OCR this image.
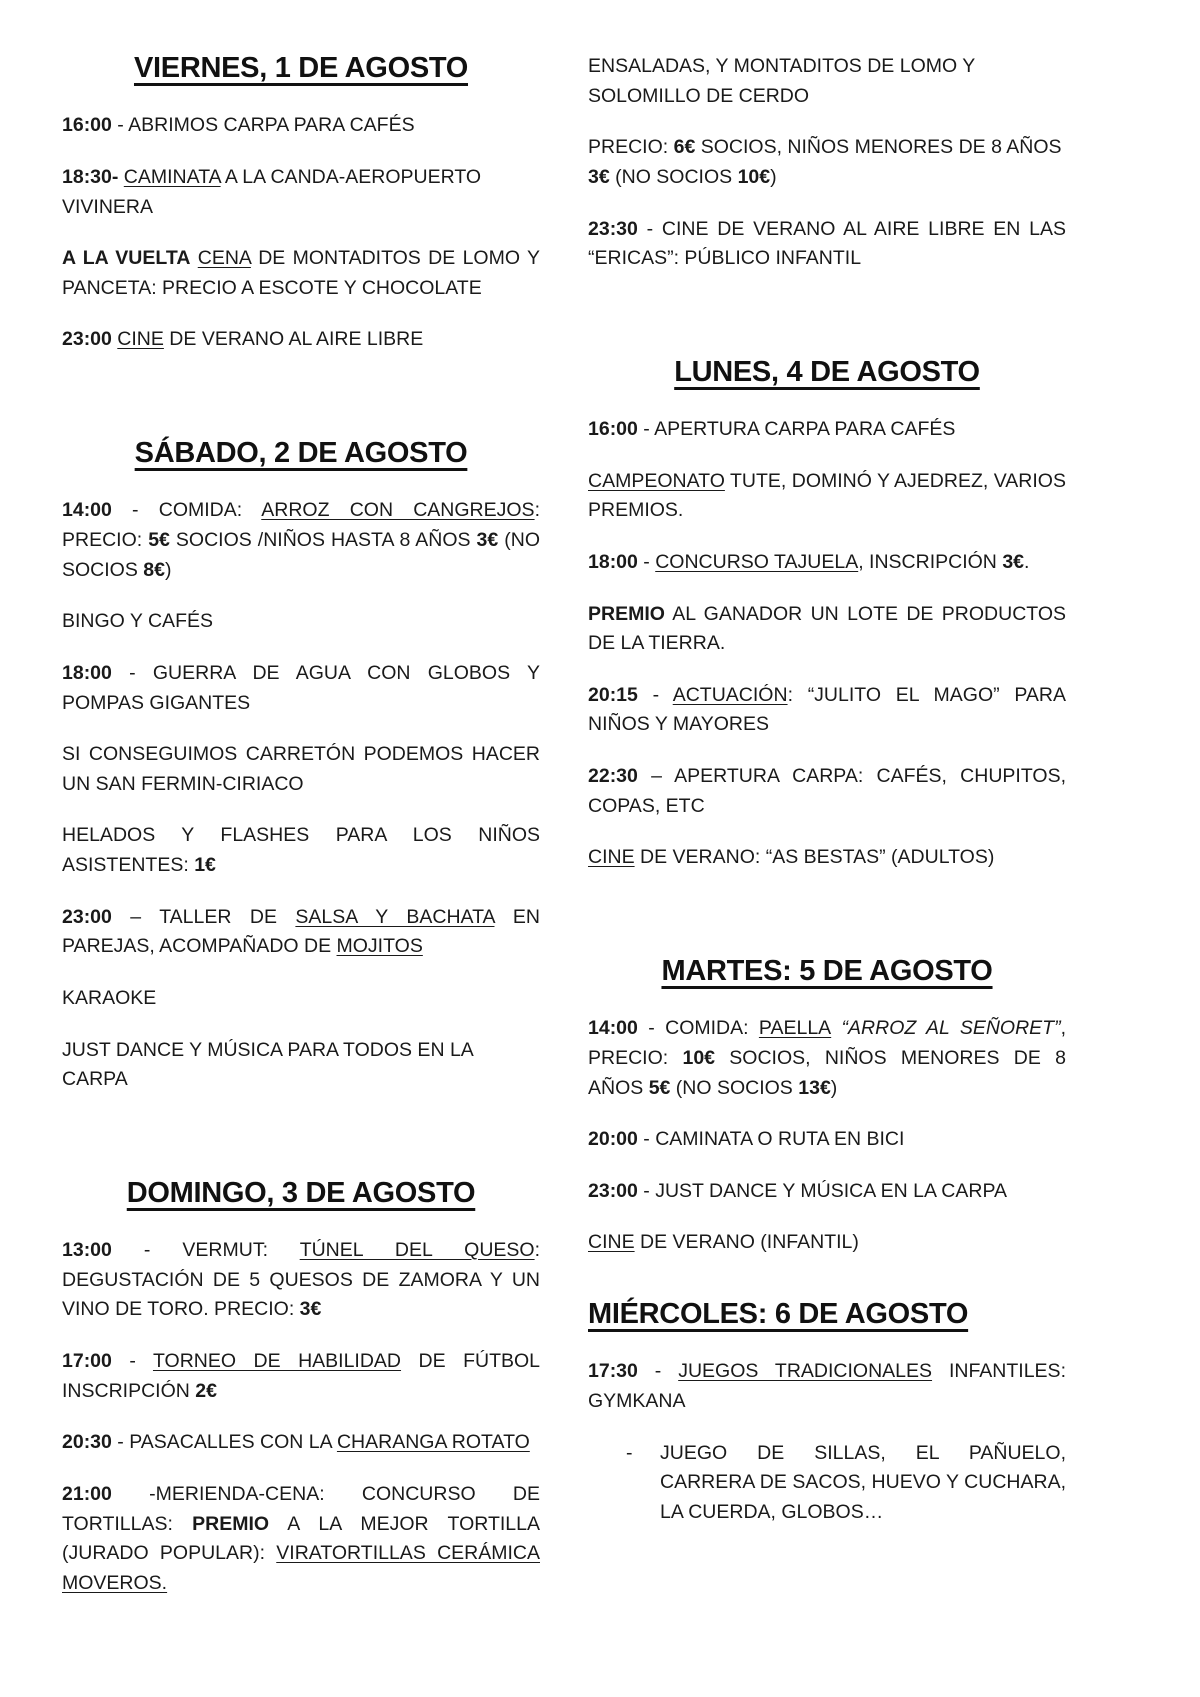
VIERNES, 1 DE AGOSTO

16:00 - ABRIMOS CARPA PARA CAFÉS

18:30- CAMINATA A LA CANDA-AEROPUERTO VIVINERA

A LA VUELTA CENA DE MONTADITOS DE LOMO Y PANCETA: PRECIO A ESCOTE Y CHOCOLATE

23:00 CINE DE VERANO AL AIRE LIBRE

SÁBADO, 2 DE AGOSTO

14:00 - COMIDA: ARROZ CON CANGREJOS: PRECIO: 5€ SOCIOS /NIÑOS HASTA 8 AÑOS 3€ (NO SOCIOS 8€)

BINGO Y CAFÉS

18:00 - GUERRA DE AGUA CON GLOBOS Y POMPAS GIGANTES

SI CONSEGUIMOS CARRETÓN PODEMOS HACER UN SAN FERMIN-CIRIACO

HELADOS Y FLASHES PARA LOS NIÑOS ASISTENTES: 1€

23:00 – TALLER DE SALSA Y BACHATA EN PAREJAS, ACOMPAÑADO DE MOJITOS

KARAOKE

JUST DANCE Y MÚSICA PARA TODOS EN LA CARPA

DOMINGO, 3 DE AGOSTO

13:00 - VERMUT: TÚNEL DEL QUESO: DEGUSTACIÓN DE 5 QUESOS DE ZAMORA Y UN VINO DE TORO. PRECIO: 3€

17:00 - TORNEO DE HABILIDAD DE FÚTBOL INSCRIPCIÓN 2€

20:30 - PASACALLES CON LA CHARANGA ROTATO

21:00 -MERIENDA-CENA: CONCURSO DE TORTILLAS: PREMIO A LA MEJOR TORTILLA (JURADO POPULAR): VIRATORTILLAS CERÁMICA MOVEROS.

ENSALADAS, Y MONTADITOS DE LOMO Y SOLOMILLO DE CERDO

PRECIO: 6€ SOCIOS, NIÑOS MENORES DE 8 AÑOS 3€ (NO SOCIOS 10€)

23:30 - CINE DE VERANO AL AIRE LIBRE EN LAS “ERICAS”: PÚBLICO INFANTIL

LUNES, 4 DE AGOSTO

16:00 - APERTURA CARPA PARA CAFÉS

CAMPEONATO TUTE, DOMINÓ Y AJEDREZ, VARIOS PREMIOS.

18:00 - CONCURSO TAJUELA, INSCRIPCIÓN 3€.

PREMIO AL GANADOR UN LOTE DE PRODUCTOS DE LA TIERRA.

20:15 - ACTUACIÓN: “JULITO EL MAGO” PARA NIÑOS Y MAYORES

22:30 – APERTURA CARPA: CAFÉS, CHUPITOS, COPAS, ETC

CINE DE VERANO: “AS BESTAS” (ADULTOS)

MARTES: 5 DE AGOSTO

14:00 - COMIDA: PAELLA “ARROZ AL SEÑORET”, PRECIO: 10€ SOCIOS, NIÑOS MENORES DE 8 AÑOS 5€ (NO SOCIOS 13€)

20:00 - CAMINATA O RUTA EN BICI

23:00 - JUST DANCE Y MÚSICA EN LA CARPA

CINE DE VERANO (INFANTIL)

MIÉRCOLES: 6 DE AGOSTO

17:30 - JUEGOS TRADICIONALES INFANTILES: GYMKANA

-	JUEGO DE SILLAS, EL PAÑUELO, CARRERA DE SACOS, HUEVO Y CUCHARA, LA CUERDA, GLOBOS…
